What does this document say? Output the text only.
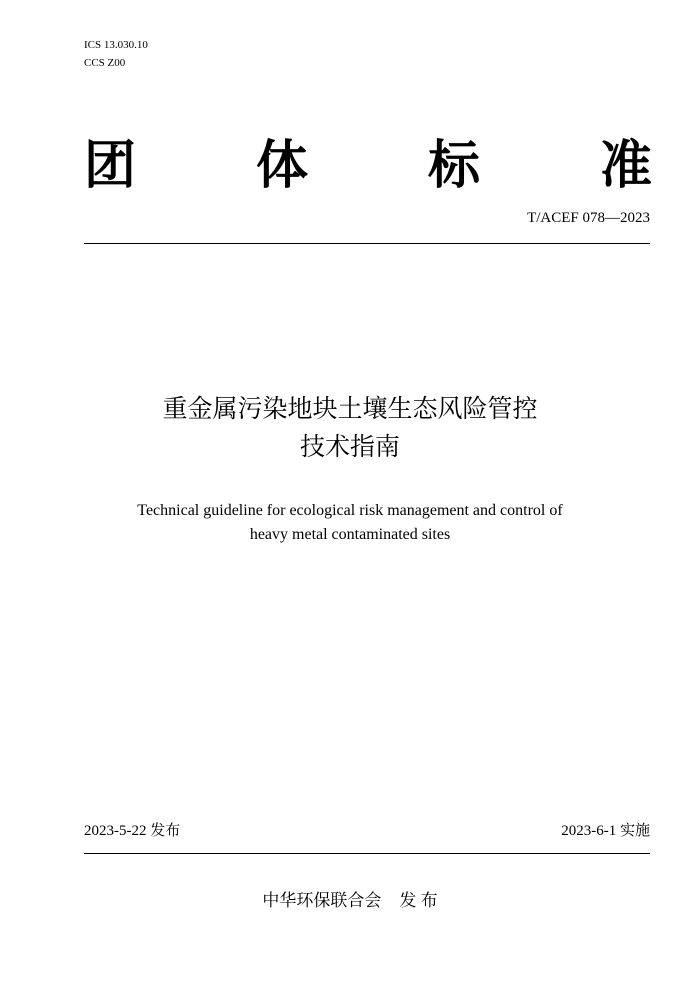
ICS 13.030.10
CCS Z00
团 体 标 准
T/ACEF 078—2023
重金属污染地块土壤生态风险管控
技术指南
Technical guideline for ecological risk management and control of
heavy metal contaminated sites
2023-5-22 发布	2023-6-1 实施
中华环保联合会 发 布
